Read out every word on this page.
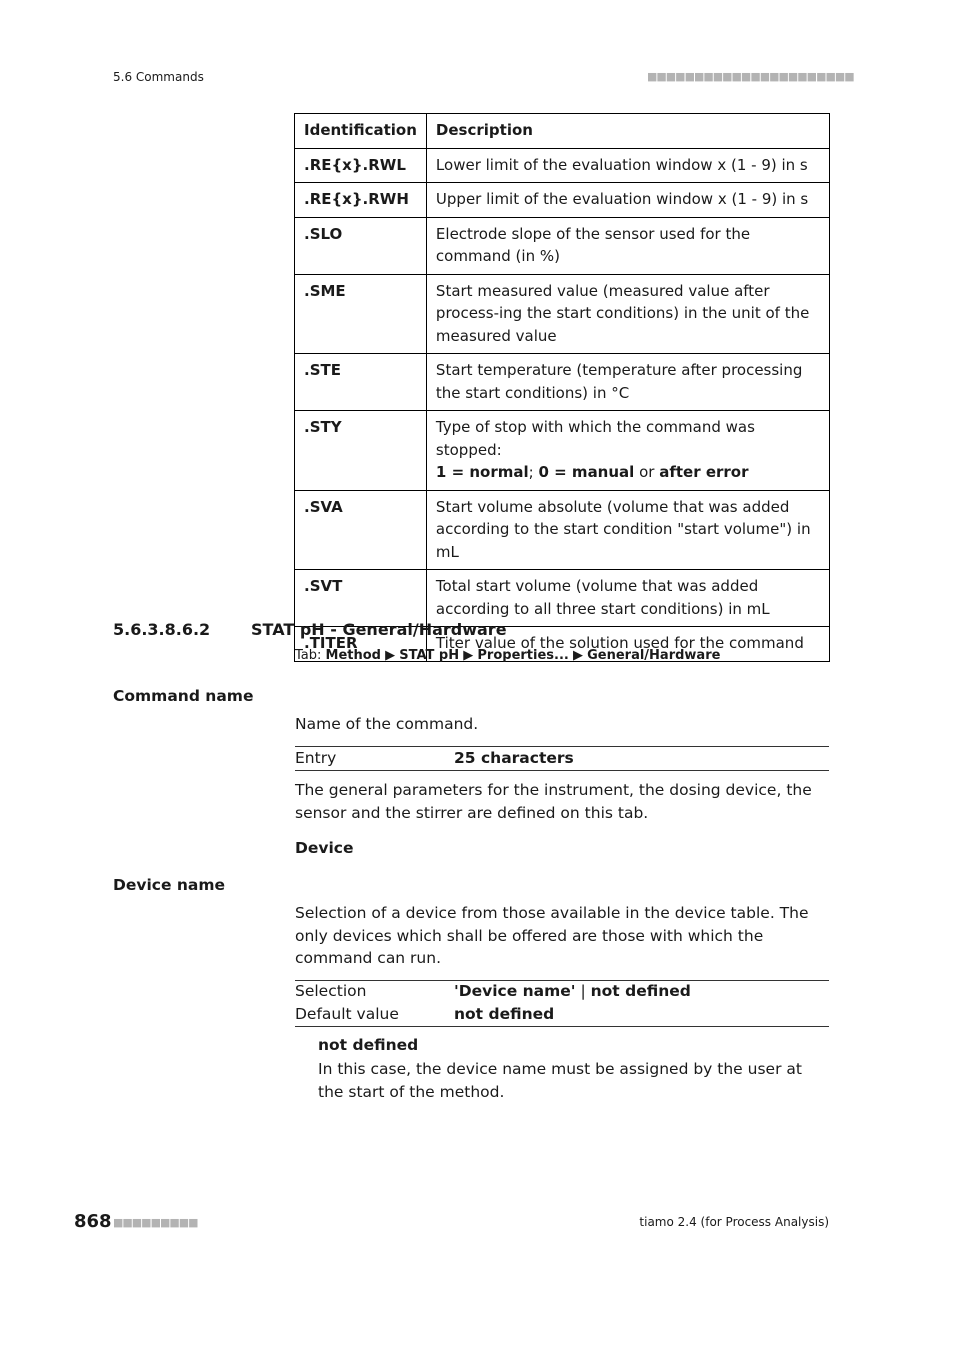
5.6 Commands	■■■■■■■■■■■■■■■■■■■■■■
Identification	Description
.RE{x}.RWL	Lower limit of the evaluation window x (1 - 9) in s
.RE{x}.RWH	Upper limit of the evaluation window x (1 - 9) in s
.SLO	Electrode slope of the sensor used for the command (in %)
.SME	Start measured value (measured value after process-ing the start conditions) in the unit of the measured value
.STE	Start temperature (temperature after processing the start conditions) in °C
.STY	Type of stop with which the command was stopped:
1 = normal; 0 = manual or after error
.SVA	Start volume absolute (volume that was added according to the start condition "start volume") in mL
.SVT	Total start volume (volume that was added according to all three start conditions) in mL
.TITER	Titer value of the solution used for the command
5.6.3.8.6.2	STAT pH - General/Hardware
Tab: Method ▶ STAT pH ▶ Properties... ▶ General/Hardware
Command name
Name of the command.
Entry	25 characters
The general parameters for the instrument, the dosing device, the sensor and the stirrer are defined on this tab.
Device
Device name
Selection of a device from those available in the device table. The only devices which shall be offered are those with which the command can run.
Selection	'Device name' | not defined
Default value	not defined
not defined
In this case, the device name must be assigned by the user at the start of the method.
868 ■■■■■■■■■	tiamo 2.4 (for Process Analysis)
